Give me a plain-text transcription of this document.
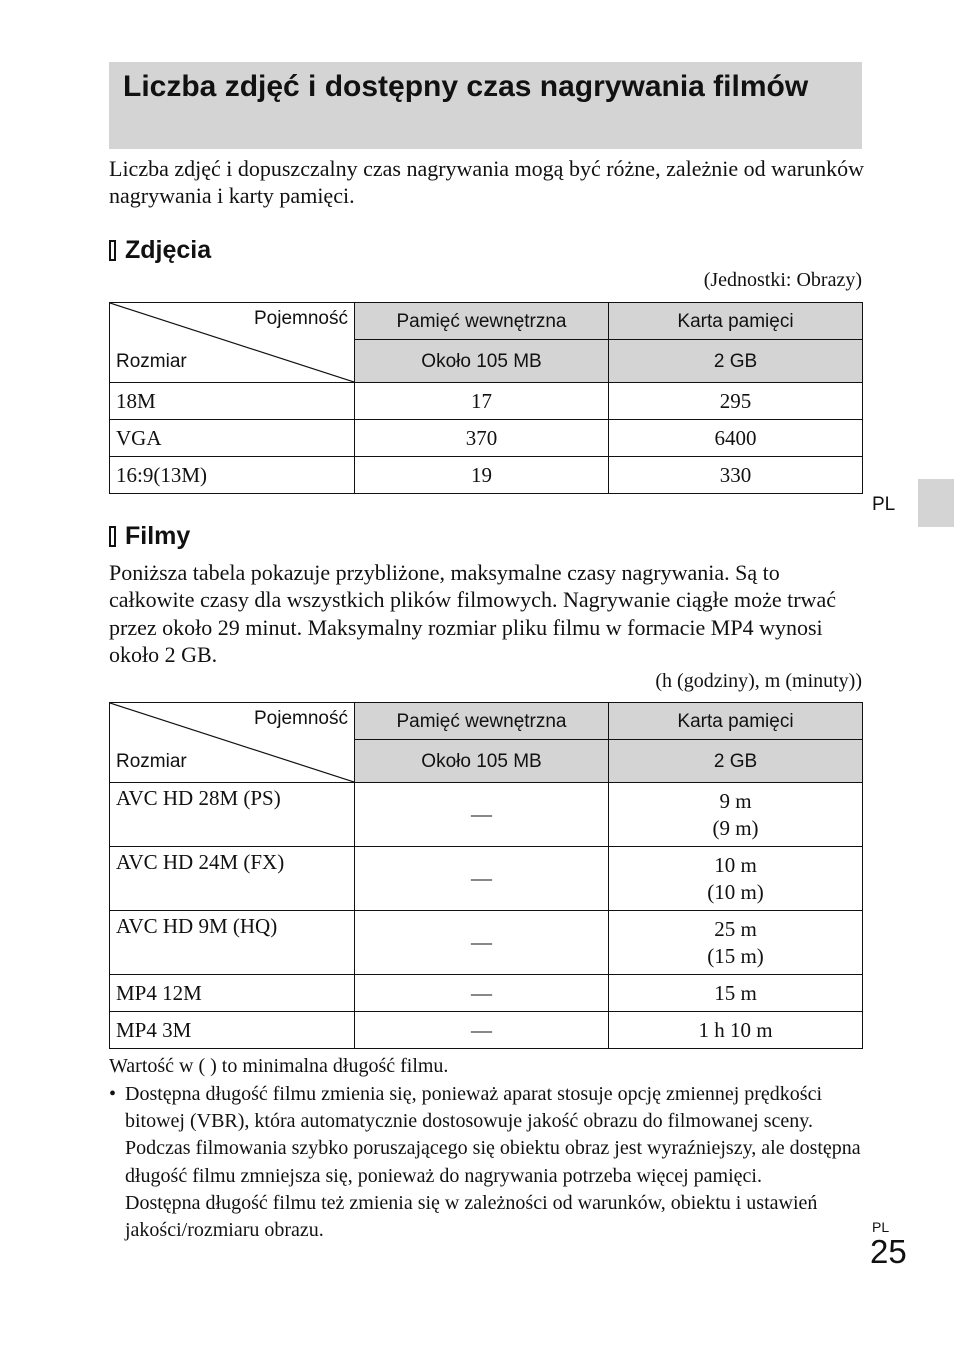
Liczba zdjęć i dostępny czas nagrywania filmów

Liczba zdjęć i dopuszczalny czas nagrywania mogą być różne, zależnie od warunków nagrywania i karty pamięci.

Zdjęcia

(Jednostki: Obrazy)

Pojemność
Rozmiar	Pamięć wewnętrzna	Karta pamięci
	Około 105 MB	2 GB
18M	17	295
VGA	370	6400
16:9(13M)	19	330
PL
Filmy

Poniższa tabela pokazuje przybliżone, maksymalne czasy nagrywania. Są to całkowite czasy dla wszystkich plików filmowych. Nagrywanie ciągłe może trwać przez około 29 minut. Maksymalny rozmiar pliku filmu w formacie MP4 wynosi około 2 GB.

(h (godziny), m (minuty))

Pojemność
Rozmiar	Pamięć wewnętrzna	Karta pamięci
	Około 105 MB	2 GB
AVC HD 28M (PS)	—	9 m
(9 m)

AVC HD 24M (FX)	—	10 m
(10 m)

AVC HD 9M (HQ)	—	25 m
(15 m)

MP4 12M	—	15 m
MP4 3M	—	1 h 10 m

Wartość w ( ) to minimalna długość filmu.

• Dostępna długość filmu zmienia się, ponieważ aparat stosuje opcję zmiennej prędkości bitowej (VBR), która automatycznie dostosowuje jakość obrazu do filmowanej sceny. Podczas filmowania szybko poruszającego się obiektu obraz jest wyraźniejszy, ale dostępna długość filmu zmniejsza się, ponieważ do nagrywania potrzeba więcej pamięci.
Dostępna długość filmu też zmienia się w zależności od warunków, obiektu i ustawień jakości/rozmiaru obrazu.	PL
25
